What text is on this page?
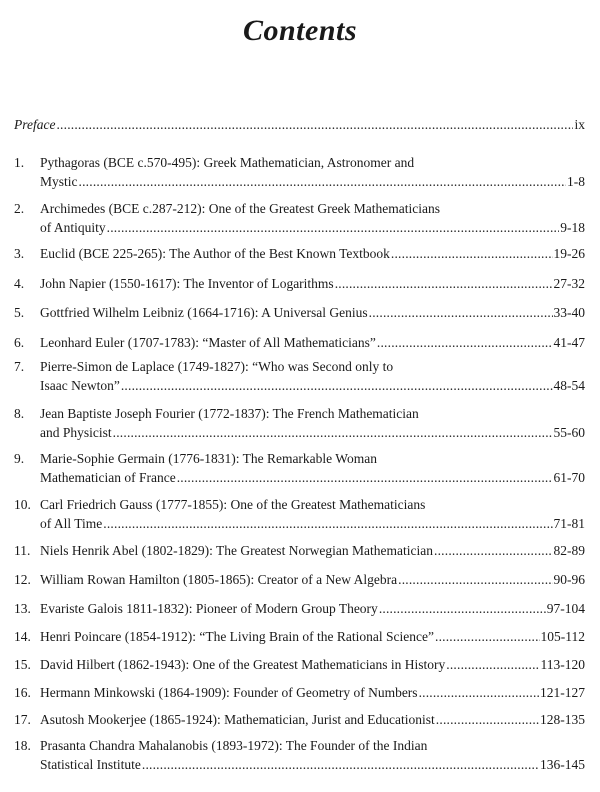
Contents
Preface .....	ix
1.	Pythagoras (BCE c.570-495): Greek Mathematician, Astronomer and
Mystic .....	1-8
2.	Archimedes (BCE c.287-212): One of the Greatest Greek Mathematicians
of Antiquity .....	9-18
3.	Euclid (BCE 225-265): The Author of the Best Known Textbook .....	19-26
4.	John Napier (1550-1617): The Inventor of Logarithms .....	27-32
5.	Gottfried Wilhelm Leibniz (1664-1716): A Universal Genius .....	33-40
6.	Leonhard Euler (1707-1783): “Master of All Mathematicians” .....	41-47
7.	Pierre-Simon de Laplace (1749-1827): “Who was Second only to
Isaac Newton” .....	48-54
8.	Jean Baptiste Joseph Fourier (1772-1837): The French Mathematician
and Physicist .....	55-60
9.	Marie-Sophie Germain (1776-1831): The Remarkable Woman
Mathematician of France .....	61-70
10. Carl Friedrich Gauss (1777-1855): One of the Greatest Mathematicians
of All Time .....	71-81
11. Niels Henrik Abel (1802-1829): The Greatest Norwegian Mathematician .....	82-89
12. William Rowan Hamilton (1805-1865): Creator of a New Algebra .....	90-96
13. Evariste Galois 1811-1832): Pioneer of Modern Group Theory .....	97-104
14. Henri Poincare (1854-1912): “The Living Brain of the Rational Science” .....	105-112
15. David Hilbert (1862-1943): One of the Greatest Mathematicians in History .....	113-120
16. Hermann Minkowski (1864-1909): Founder of Geometry of Numbers .....	121-127
17. Asutosh Mookerjee (1865-1924): Mathematician, Jurist and Educationist .....	128-135
18. Prasanta Chandra Mahalanobis (1893-1972): The Founder of the Indian
Statistical Institute .....	136-145
